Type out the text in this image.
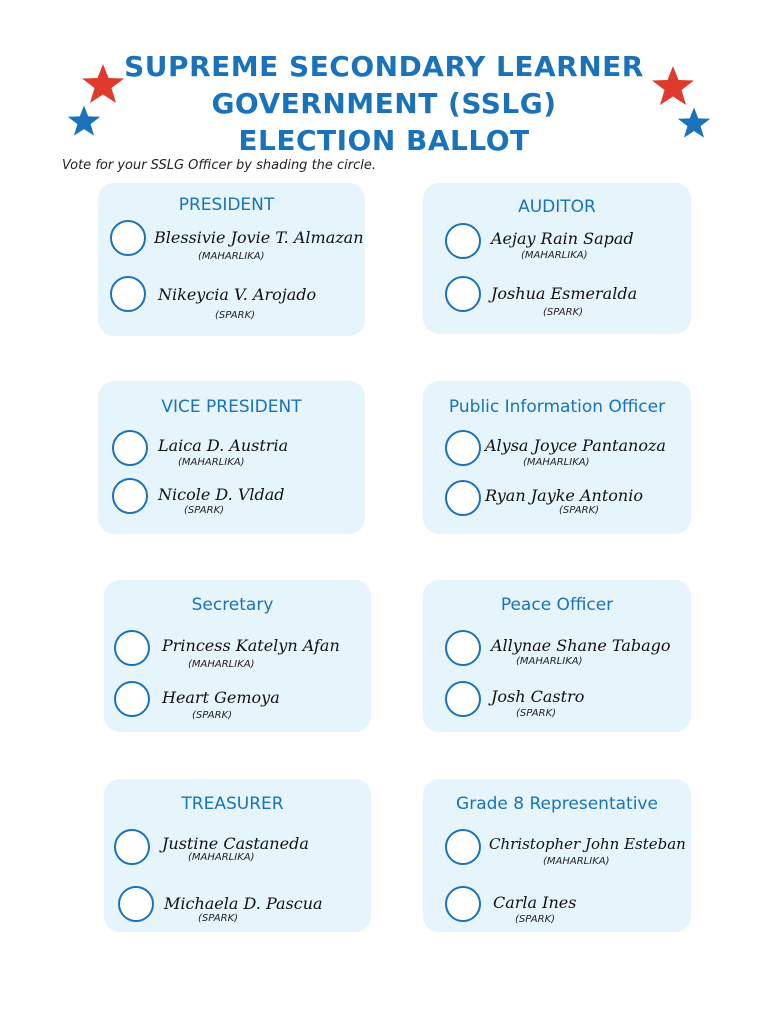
SUPREME SECONDARY LEARNER
GOVERNMENT (SSLG)
ELECTION BALLOT
Vote for your SSLG Officer by shading the circle.
PRESIDENT
Blessivie Jovie T. Almazan
(MAHARLIKA)
Nikeycia V. Arojado
(SPARK)
AUDITOR
Aejay Rain Sapad
(MAHARLIKA)
Joshua Esmeralda
(SPARK)
VICE PRESIDENT
Laica D. Austria
(MAHARLIKA)
Nicole D. Vldad
(SPARK)
Public Information Officer
Alysa Joyce Pantanoza
(MAHARLIKA)
Ryan Jayke Antonio
(SPARK)
Secretary
Princess Katelyn Afan
(MAHARLIKA)
Heart Gemoya
(SPARK)
Peace Officer
Allynae Shane Tabago
(MAHARLIKA)
Josh Castro
(SPARK)
TREASURER
Justine Castaneda
(MAHARLIKA)
Michaela D. Pascua
(SPARK)
Grade 8 Representative
Christopher John Esteban
(MAHARLIKA)
Carla Ines
(SPARK)
